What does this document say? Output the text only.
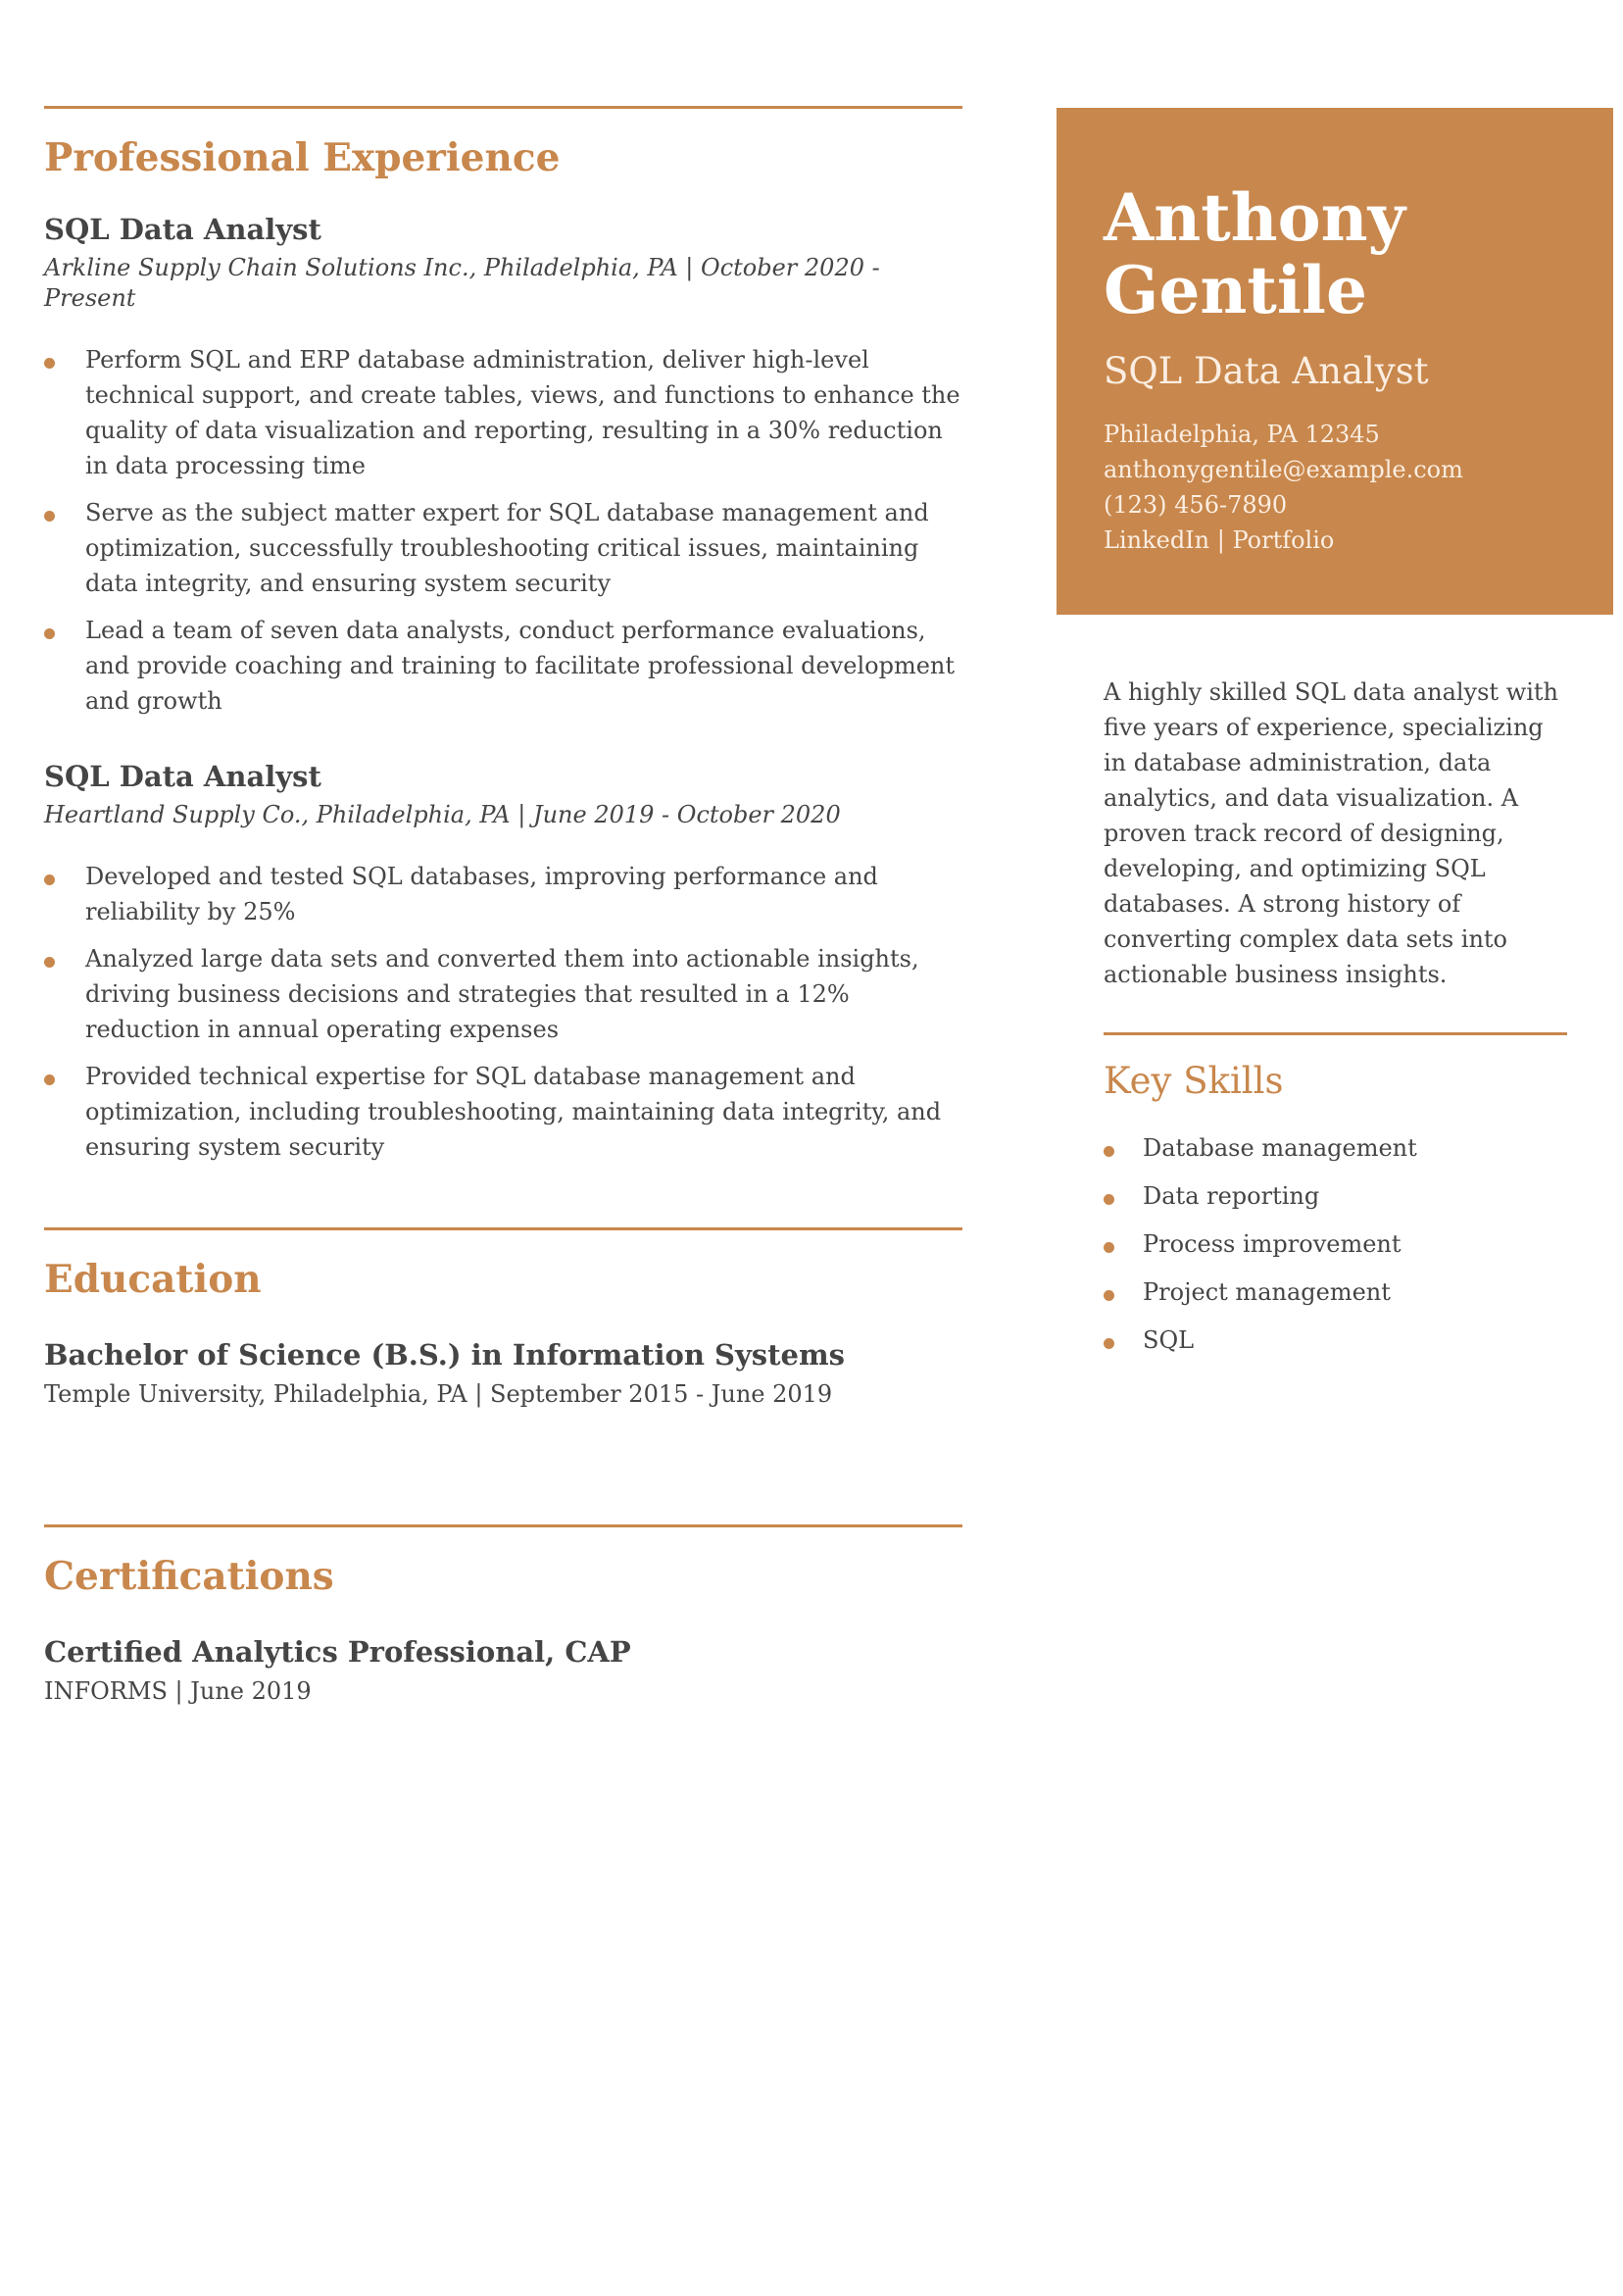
Professional Experience
SQL Data Analyst
Arkline Supply Chain Solutions Inc., Philadelphia, PA | October 2020 - Present
Perform SQL and ERP database administration, deliver high-level technical support, and create tables, views, and functions to enhance the quality of data visualization and reporting, resulting in a 30% reduction in data processing time
Serve as the subject matter expert for SQL database management and optimization, successfully troubleshooting critical issues, maintaining data integrity, and ensuring system security
Lead a team of seven data analysts, conduct performance evaluations, and provide coaching and training to facilitate professional development and growth
SQL Data Analyst
Heartland Supply Co., Philadelphia, PA | June 2019 - October 2020
Developed and tested SQL databases, improving performance and reliability by 25%
Analyzed large data sets and converted them into actionable insights, driving business decisions and strategies that resulted in a 12% reduction in annual operating expenses
Provided technical expertise for SQL database management and optimization, including troubleshooting, maintaining data integrity, and ensuring system security
Education
Bachelor of Science (B.S.) in Information Systems
Temple University, Philadelphia, PA | September 2015 - June 2019
Certifications
Certified Analytics Professional, CAP
INFORMS | June 2019
Anthony
Gentile
SQL Data Analyst
Philadelphia, PA 12345
anthonygentile@example.com
(123) 456-7890
LinkedIn | Portfolio

A highly skilled SQL data analyst with five years of experience, specializing in database administration, data analytics, and data visualization. A proven track record of designing, developing, and optimizing SQL databases. A strong history of converting complex data sets into actionable business insights.

Key Skills
Database management
Data reporting
Process improvement
Project management
SQL
